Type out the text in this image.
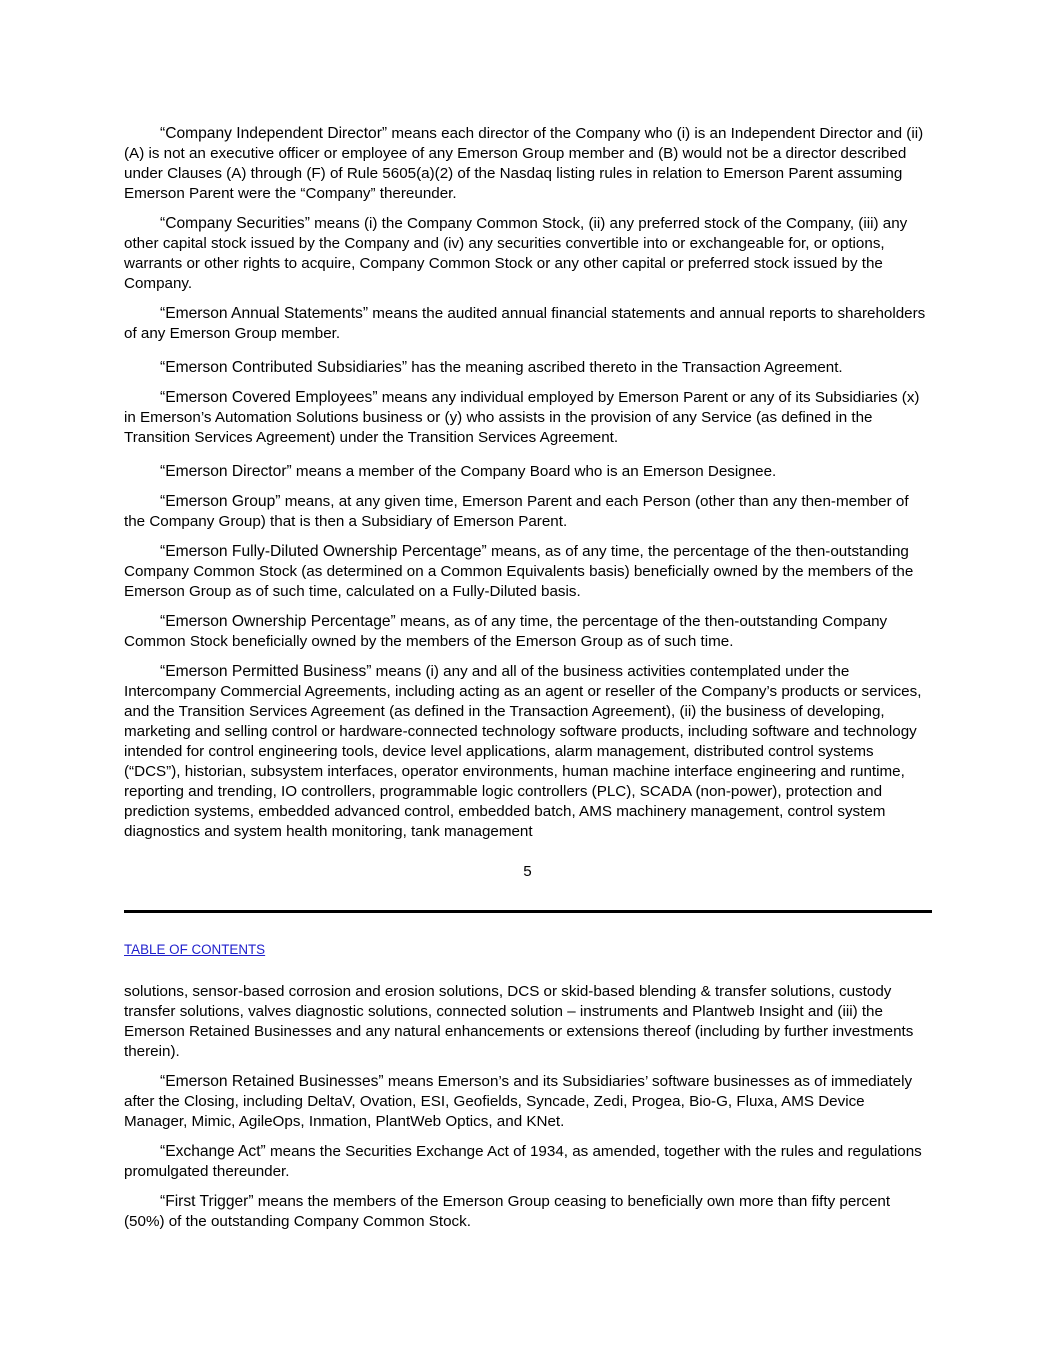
“Company Independent Director” means each director of the Company who (i) is an Independent Director and (ii) (A) is not an executive officer or employee of any Emerson Group member and (B) would not be a director described under Clauses (A) through (F) of Rule 5605(a)(2) of the Nasdaq listing rules in relation to Emerson Parent assuming Emerson Parent were the “Company” thereunder.

“Company Securities” means (i) the Company Common Stock, (ii) any preferred stock of the Company, (iii) any other capital stock issued by the Company and (iv) any securities convertible into or exchangeable for, or options, warrants or other rights to acquire, Company Common Stock or any other capital or preferred stock issued by the Company.

“Emerson Annual Statements” means the audited annual financial statements and annual reports to shareholders of any Emerson Group member.

“Emerson Contributed Subsidiaries” has the meaning ascribed thereto in the Transaction Agreement.

“Emerson Covered Employees” means any individual employed by Emerson Parent or any of its Subsidiaries (x) in Emerson’s Automation Solutions business or (y) who assists in the provision of any Service (as defined in the Transition Services Agreement) under the Transition Services Agreement.

“Emerson Director” means a member of the Company Board who is an Emerson Designee.

“Emerson Group” means, at any given time, Emerson Parent and each Person (other than any then-member of the Company Group) that is then a Subsidiary of Emerson Parent.

“Emerson Fully-Diluted Ownership Percentage” means, as of any time, the percentage of the then-outstanding Company Common Stock (as determined on a Common Equivalents basis) beneficially owned by the members of the Emerson Group as of such time, calculated on a Fully-Diluted basis.

“Emerson Ownership Percentage” means, as of any time, the percentage of the then-outstanding Company Common Stock beneficially owned by the members of the Emerson Group as of such time.

“Emerson Permitted Business” means (i) any and all of the business activities contemplated under the Intercompany Commercial Agreements, including acting as an agent or reseller of the Company’s products or services, and the Transition Services Agreement (as defined in the Transaction Agreement), (ii) the business of developing, marketing and selling control or hardware-connected technology software products, including software and technology intended for control engineering tools, device level applications, alarm management, distributed control systems (“DCS”), historian, subsystem interfaces, operator environments, human machine interface engineering and runtime, reporting and trending, IO controllers, programmable logic controllers (PLC), SCADA (non-power), protection and prediction systems, embedded advanced control, embedded batch, AMS machinery management, control system diagnostics and system health monitoring, tank management

5
TABLE OF CONTENTS

solutions, sensor-based corrosion and erosion solutions, DCS or skid-based blending & transfer solutions, custody transfer solutions, valves diagnostic solutions, connected solution – instruments and Plantweb Insight and (iii) the Emerson Retained Businesses and any natural enhancements or extensions thereof (including by further investments therein).

“Emerson Retained Businesses” means Emerson’s and its Subsidiaries’ software businesses as of immediately after the Closing, including DeltaV, Ovation, ESI, Geofields, Syncade, Zedi, Progea, Bio-G, Fluxa, AMS Device Manager, Mimic, AgileOps, Inmation, PlantWeb Optics, and KNet.

“Exchange Act” means the Securities Exchange Act of 1934, as amended, together with the rules and regulations promulgated thereunder.

“First Trigger” means the members of the Emerson Group ceasing to beneficially own more than fifty percent (50%) of the outstanding Company Common Stock.
